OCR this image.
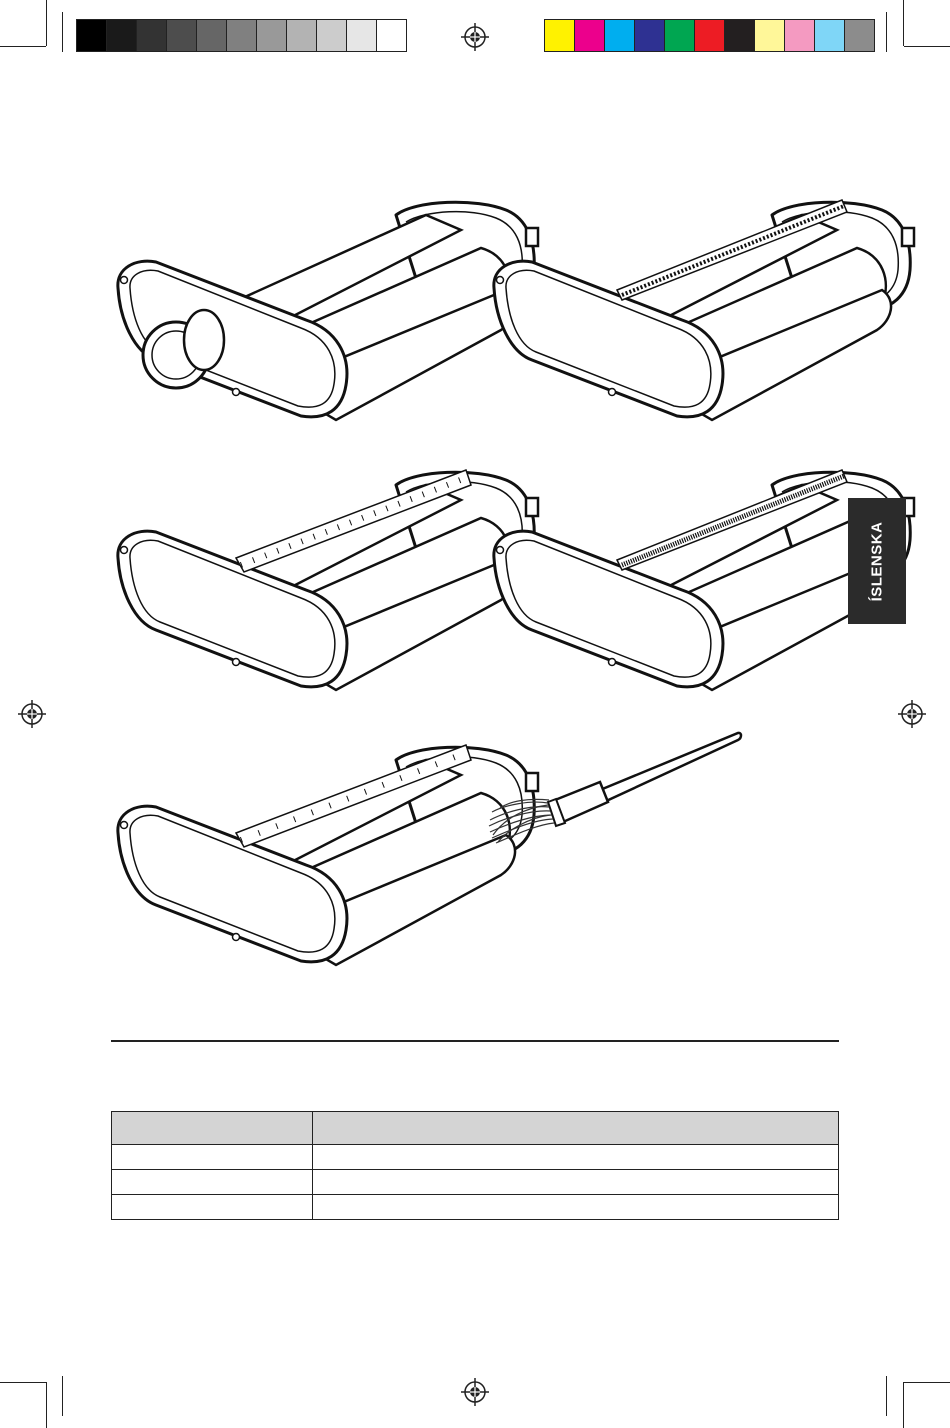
ÍSLENSKA
